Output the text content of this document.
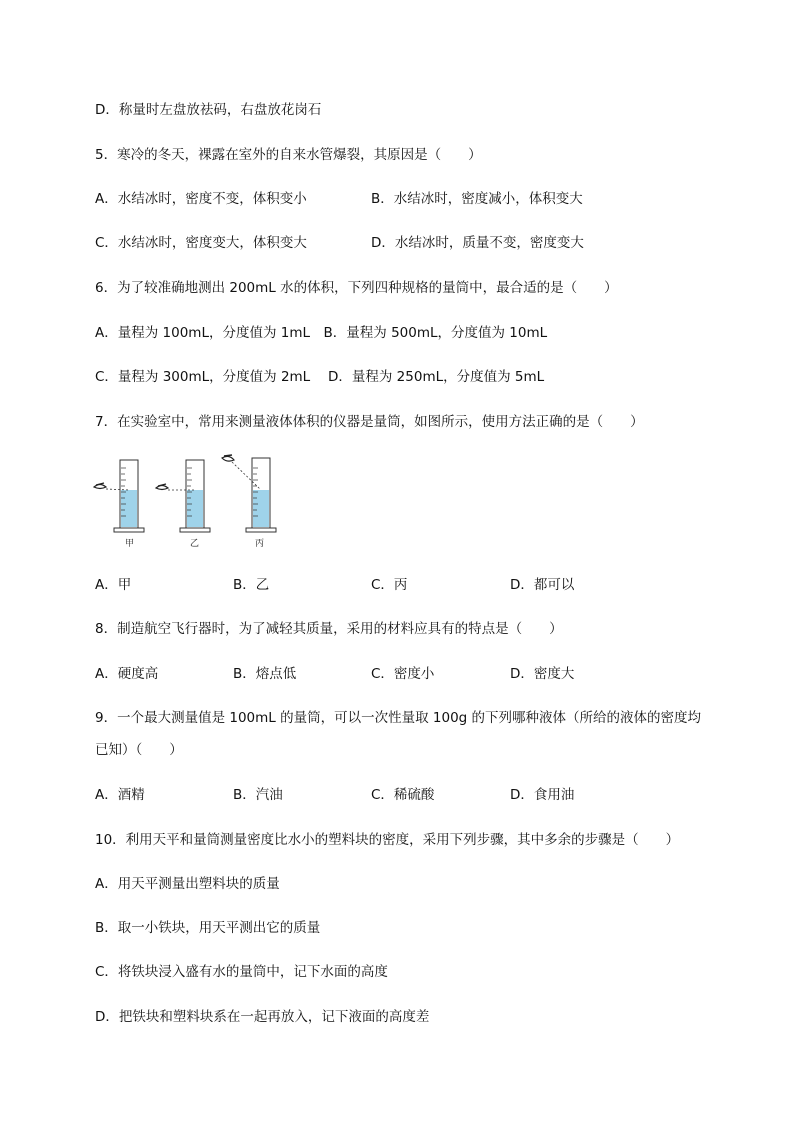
D．称量时左盘放祛码，右盘放花岗石
5．寒冷的冬天，裸露在室外的自来水管爆裂，其原因是（　　）
A．水结冰时，密度不变，体积变小	B．水结冰时，密度减小，体积变大
C．水结冰时，密度变大，体积变大	D．水结冰时，质量不变，密度变大
6．为了较准确地测出 200mL 水的体积，下列四种规格的量筒中，最合适的是（　　）
A．量程为 100mL，分度值为 1mL　B．量程为 500mL，分度值为 10mL
C．量程为 300mL，分度值为 2mL　 D．量程为 250mL，分度值为 5mL
7．在实验室中，常用来测量液体体积的仪器是量筒，如图所示，使用方法正确的是（　　）
甲	乙	丙
A．甲	B．乙	C．丙	D．都可以
8．制造航空飞行器时，为了减轻其质量，采用的材料应具有的特点是（　　）
A．硬度高	B．熔点低	C．密度小	D．密度大
9．一个最大测量值是 100mL 的量筒，可以一次性量取 100g 的下列哪种液体（所给的液体的密度均
已知）（　　）
A．酒精	B．汽油	C．稀硫酸	D．食用油
10．利用天平和量筒测量密度比水小的塑料块的密度，采用下列步骤，其中多余的步骤是（　　）
A．用天平测量出塑料块的质量
B．取一小铁块，用天平测出它的质量
C．将铁块浸入盛有水的量筒中，记下水面的高度
D．把铁块和塑料块系在一起再放入，记下液面的高度差
